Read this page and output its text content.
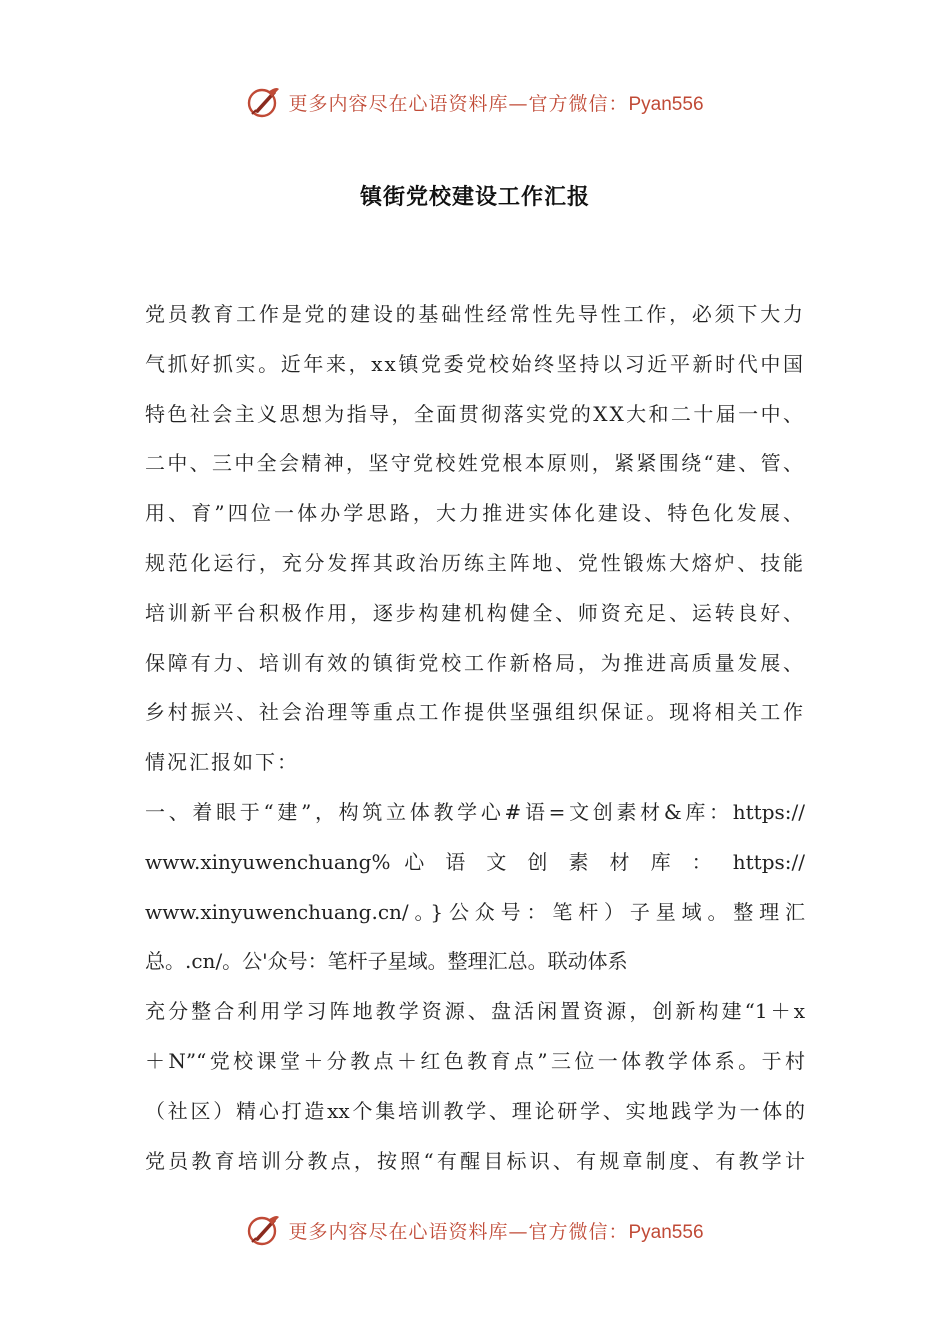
更多内容尽在心语资料库—官方微信：Pyan556
镇街党校建设工作汇报
党员教育工作是党的建设的基础性经常性先导性工作，必须下大力
气抓好抓实。近年来，xx镇党委党校始终坚持以习近平新时代中国
特色社会主义思想为指导，全面贯彻落实党的XX大和二十届一中、
二中、三中全会精神，坚守党校姓党根本原则，紧紧围绕“建、管、
用、育”四位一体办学思路，大力推进实体化建设、特色化发展、
规范化运行，充分发挥其政治历练主阵地、党性锻炼大熔炉、技能
培训新平台积极作用，逐步构建机构健全、师资充足、运转良好、
保障有力、培训有效的镇街党校工作新格局，为推进高质量发展、
乡村振兴、社会治理等重点工作提供坚强组织保证。现将相关工作
情况汇报如下：
一、着眼于“建”，构筑立体教学心#语=文创素材&库：https://
www.xinyuwenchuang% 心 语 文 创 素 材 库 ： https://
www.xinyuwenchuang.cn/。}公众号：笔杆）子星域。整理汇
总。.cn/。公'众号：笔杆子星域。整理汇总。联动体系
充分整合利用学习阵地教学资源、盘活闲置资源，创新构建“1＋x
＋N”“党校课堂＋分教点＋红色教育点”三位一体教学体系。于村
（社区）精心打造xx个集培训教学、理论研学、实地践学为一体的
党员教育培训分教点，按照“有醒目标识、有规章制度、有教学计
更多内容尽在心语资料库—官方微信：Pyan556
